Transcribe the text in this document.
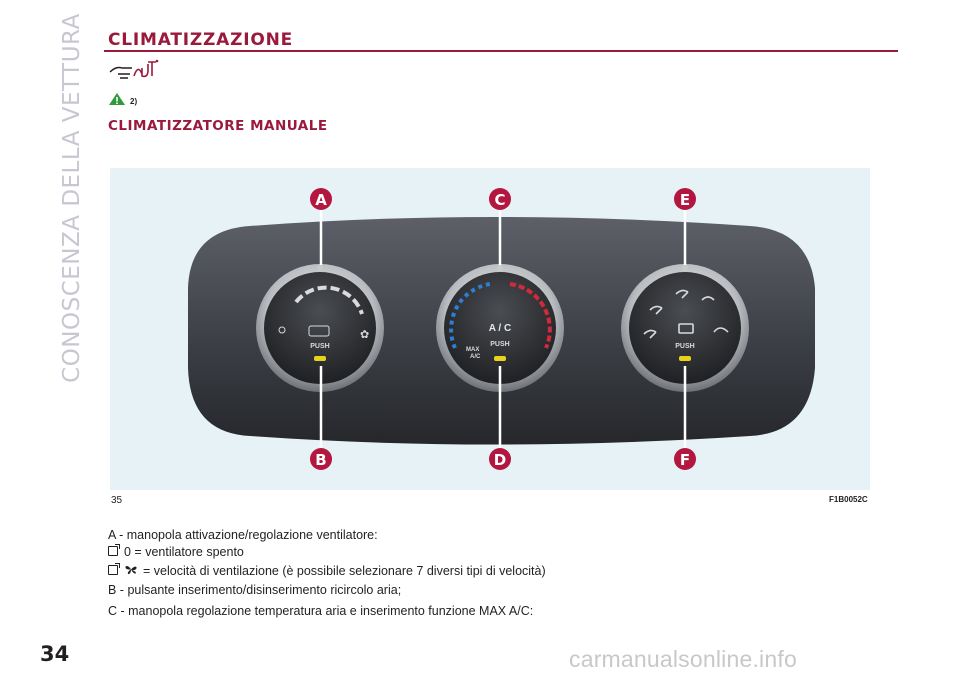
CONOSCENZA DELLA VETTURA
34
CLIMATIZZAZIONE
2)
CLIMATIZZATORE MANUALE
✿
PUSH
A / C
PUSH
MAX
A/C
PUSH
A	C	E
B	D	F
35	F1B0052C
A - manopola attivazione/regolazione ventilatore:
0 = ventilatore spento
= velocità di ventilazione (è possibile selezionare 7 diversi tipi di velocità)
B - pulsante inserimento/disinserimento ricircolo aria;
C - manopola regolazione temperatura aria e inserimento funzione MAX A/C:
carmanualsonline.info
